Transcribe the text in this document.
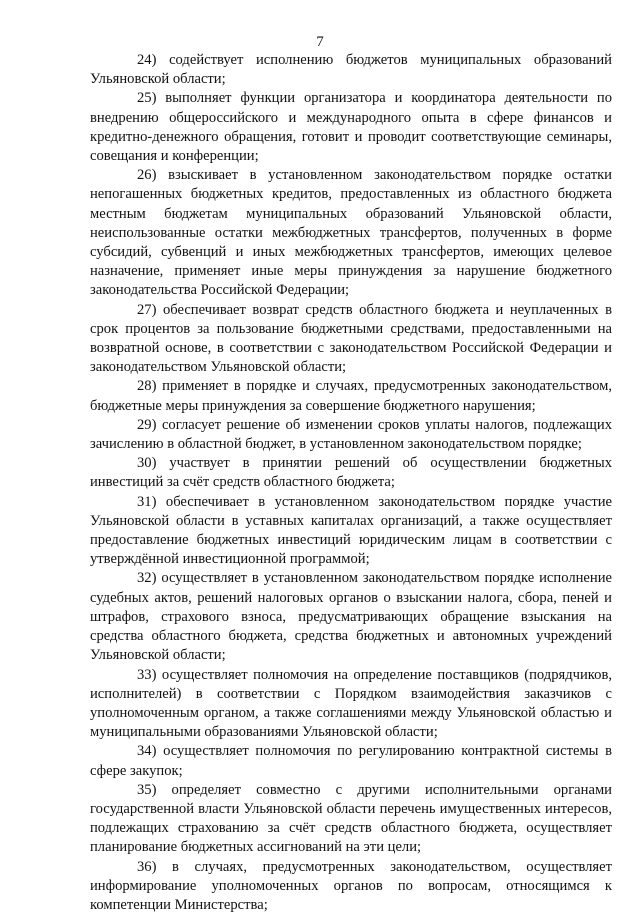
7

24) содействует исполнению бюджетов муниципальных образований Ульяновской области;

25) выполняет функции организатора и координатора деятельности по внедрению общероссийского и международного опыта в сфере финансов и кредитно-денежного обращения, готовит и проводит соответствующие семинары, совещания и конференции;

26) взыскивает в установленном законодательством порядке остатки непогашенных бюджетных кредитов, предоставленных из областного бюджета местным бюджетам муниципальных образований Ульяновской области, неиспользованные остатки межбюджетных трансфертов, полученных в форме субсидий, субвенций и иных межбюджетных трансфертов, имеющих целевое назначение, применяет иные меры принуждения за нарушение бюджетного законодательства Российской Федерации;

27) обеспечивает возврат средств областного бюджета и неуплаченных в срок процентов за пользование бюджетными средствами, предоставленными на возвратной основе, в соответствии с законодательством Российской Федерации и законодательством Ульяновской области;

28) применяет в порядке и случаях, предусмотренных законодательством, бюджетные меры принуждения за совершение бюджетного нарушения;

29) согласует решение об изменении сроков уплаты налогов, подлежащих зачислению в областной бюджет, в установленном законодательством порядке;

30) участвует в принятии решений об осуществлении бюджетных инвестиций за счёт средств областного бюджета;

31) обеспечивает в установленном законодательством порядке участие Ульяновской области в уставных капиталах организаций, а также осуществляет предоставление бюджетных инвестиций юридическим лицам в соответствии с утверждённой инвестиционной программой;

32) осуществляет в установленном законодательством порядке исполнение судебных актов, решений налоговых органов о взыскании налога, сбора, пеней и штрафов, страхового взноса, предусматривающих обращение взыскания на средства областного бюджета, средства бюджетных и автономных учреждений Ульяновской области;

33) осуществляет полномочия на определение поставщиков (подрядчиков, исполнителей) в соответствии с Порядком взаимодействия заказчиков с уполномоченным органом, а также соглашениями между Ульяновской областью и муниципальными образованиями Ульяновской области;

34) осуществляет полномочия по регулированию контрактной системы в сфере закупок;

35) определяет совместно с другими исполнительными органами государственной власти Ульяновской области перечень имущественных интересов, подлежащих страхованию за счёт средств областного бюджета, осуществляет планирование бюджетных ассигнований на эти цели;

36) в случаях, предусмотренных законодательством, осуществляет информирование уполномоченных органов по вопросам, относящимся к компетенции Министерства;
